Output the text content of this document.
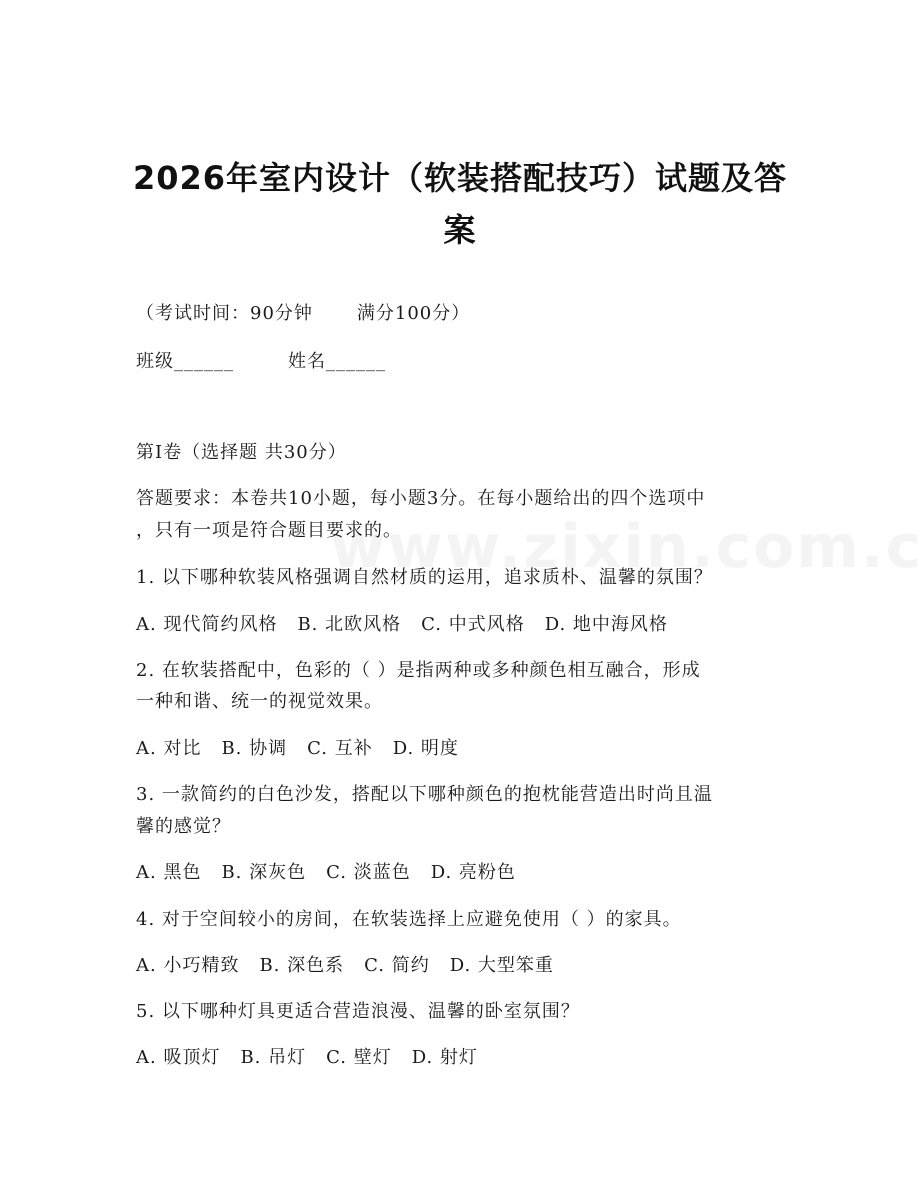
2026年室内设计（软装搭配技巧）试题及答案
（考试时间：90分钟 满分100分）
班级______	姓名______
第I卷（选择题 共30分）
答题要求：本卷共10小题，每小题3分。在每小题给出的四个选项中
，只有一项是符合题目要求的。
1. 以下哪种软装风格强调自然材质的运用，追求质朴、温馨的氛围？
A. 现代简约风格 B. 北欧风格 C. 中式风格 D. 地中海风格
2. 在软装搭配中，色彩的（ ）是指两种或多种颜色相互融合，形成
一种和谐、统一的视觉效果。
A. 对比 B. 协调 C. 互补 D. 明度
3. 一款简约的白色沙发，搭配以下哪种颜色的抱枕能营造出时尚且温
馨的感觉？
A. 黑色 B. 深灰色 C. 淡蓝色 D. 亮粉色
4. 对于空间较小的房间，在软装选择上应避免使用（ ）的家具。
A. 小巧精致 B. 深色系 C. 简约 D. 大型笨重
5. 以下哪种灯具更适合营造浪漫、温馨的卧室氛围？
A. 吸顶灯 B. 吊灯 C. 壁灯 D. 射灯
